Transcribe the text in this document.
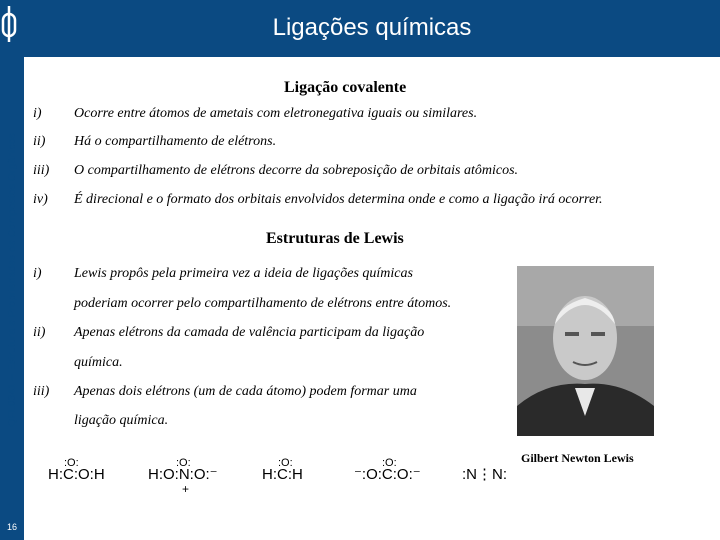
Ligações químicas
QFL0341 – Estrutura e Propriedades de Compostos Orgânicos
16
Ligação covalente
i) Ocorre entre átomos de ametais com eletronegativa iguais ou similares.
ii) Há o compartilhamento de elétrons.
iii) O compartilhamento de elétrons decorre da sobreposição de orbitais atômicos.
iv) É direcional e o formato dos orbitais envolvidos determina onde e como a ligação irá ocorrer.
Estruturas de Lewis
i) Lewis propôs pela primeira vez a ideia de ligações químicas
poderiam ocorrer pelo compartilhamento de elétrons entre átomos.
ii) Apenas elétrons da camada de valência participam da ligação
química.
iii) Apenas dois elétrons (um de cada átomo) podem formar uma
ligação química.
Gilbert Newton Lewis
:O:
H:C:O:H
:O:
H:O:N:O:⁻
+
:O:
H:C:H
:O:
⁻:O:C:O:⁻
	:N⋮N:
